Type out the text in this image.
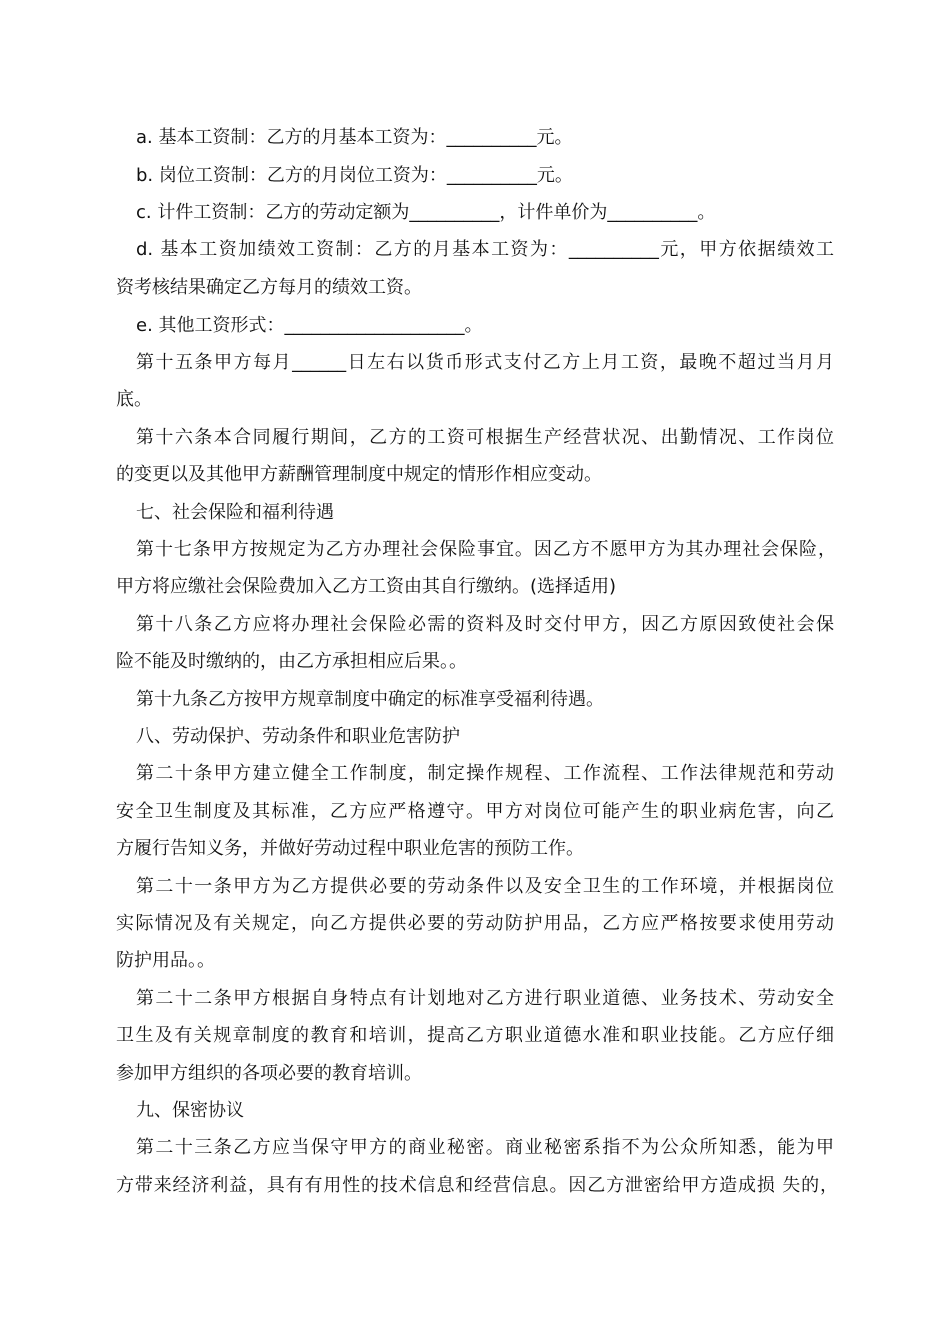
a. 基本工资制：乙方的月基本工资为：__________元。
b. 岗位工资制：乙方的月岗位工资为：__________元。
c. 计件工资制：乙方的劳动定额为__________，计件单价为__________。
d. 基本工资加绩效工资制：乙方的月基本工资为：__________元，甲方依据绩效工
资考核结果确定乙方每月的绩效工资。
e. 其他工资形式：____________________。
第十五条甲方每月______日左右以货币形式支付乙方上月工资，最晚不超过当月月
底。
第十六条本合同履行期间，乙方的工资可根据生产经营状况、出勤情况、工作岗位
的变更以及其他甲方薪酬管理制度中规定的情形作相应变动。
七、社会保险和福利待遇
第十七条甲方按规定为乙方办理社会保险事宜。因乙方不愿甲方为其办理社会保险，
甲方将应缴社会保险费加入乙方工资由其自行缴纳。(选择适用)
第十八条乙方应将办理社会保险必需的资料及时交付甲方，因乙方原因致使社会保
险不能及时缴纳的，由乙方承担相应后果。。
第十九条乙方按甲方规章制度中确定的标准享受福利待遇。
八、劳动保护、劳动条件和职业危害防护
第二十条甲方建立健全工作制度，制定操作规程、工作流程、工作法律规范和劳动
安全卫生制度及其标准，乙方应严格遵守。甲方对岗位可能产生的职业病危害，向乙
方履行告知义务，并做好劳动过程中职业危害的预防工作。
第二十一条甲方为乙方提供必要的劳动条件以及安全卫生的工作环境，并根据岗位
实际情况及有关规定，向乙方提供必要的劳动防护用品，乙方应严格按要求使用劳动
防护用品。。
第二十二条甲方根据自身特点有计划地对乙方进行职业道德、业务技术、劳动安全
卫生及有关规章制度的教育和培训，提高乙方职业道德水准和职业技能。乙方应仔细
参加甲方组织的各项必要的教育培训。
九、保密协议
第二十三条乙方应当保守甲方的商业秘密。商业秘密系指不为公众所知悉，能为甲
方带来经济利益，具有有用性的技术信息和经营信息。因乙方泄密给甲方造成损 失的，
